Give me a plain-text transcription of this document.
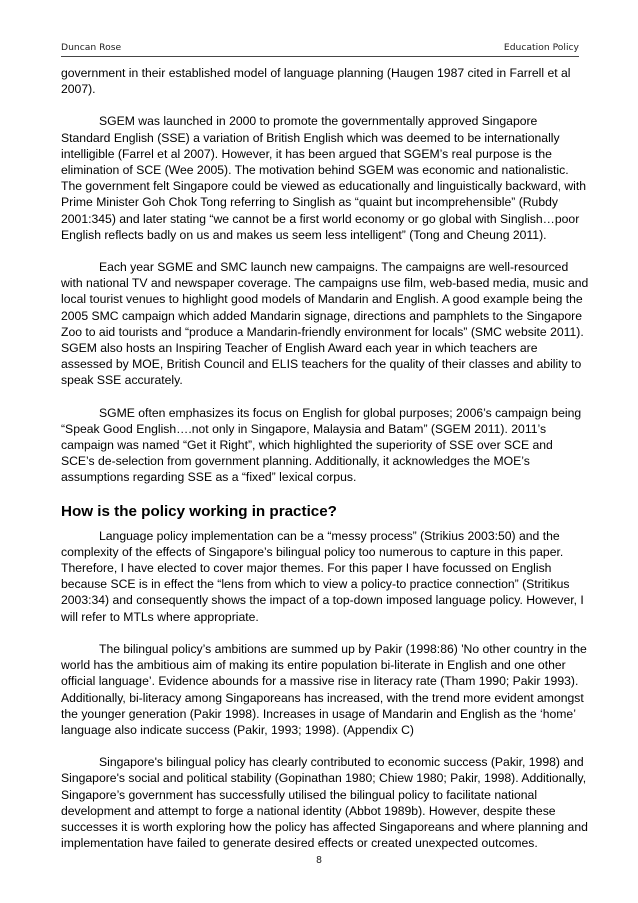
Duncan Rose	Education Policy

government in their established model of language planning (Haugen 1987 cited in Farrell et al 2007).

SGEM was launched in 2000 to promote the governmentally approved Singapore Standard English (SSE) a variation of British English which was deemed to be internationally intelligible (Farrel et al 2007). However, it has been argued that SGEM’s real purpose is the elimination of SCE (Wee 2005). The motivation behind SGEM was economic and nationalistic. The government felt Singapore could be viewed as educationally and linguistically backward, with Prime Minister Goh Chok Tong referring to Singlish as “quaint but incomprehensible” (Rubdy 2001:345) and later stating “we cannot be a first world economy or go global with Singlish…poor English reflects badly on us and makes us seem less intelligent” (Tong and Cheung 2011).

Each year SGME and SMC launch new campaigns. The campaigns are well-resourced with national TV and newspaper coverage. The campaigns use film, web-based media, music and local tourist venues to highlight good models of Mandarin and English. A good example being the 2005 SMC campaign which added Mandarin signage, directions and pamphlets to the Singapore Zoo to aid tourists and “produce a Mandarin-friendly environment for locals” (SMC website 2011). SGEM also hosts an Inspiring Teacher of English Award each year in which teachers are assessed by MOE, British Council and ELIS teachers for the quality of their classes and ability to speak SSE accurately.

SGME often emphasizes its focus on English for global purposes; 2006’s campaign being “Speak Good English….not only in Singapore, Malaysia and Batam” (SGEM 2011). 2011’s campaign was named “Get it Right”, which highlighted the superiority of SSE over SCE and SCE’s de-selection from government planning. Additionally, it acknowledges the MOE’s assumptions regarding SSE as a “fixed” lexical corpus.

How is the policy working in practice?

Language policy implementation can be a “messy process” (Strikius 2003:50) and the complexity of the effects of Singapore’s bilingual policy too numerous to capture in this paper. Therefore, I have elected to cover major themes. For this paper I have focussed on English because SCE is in effect the “lens from which to view a policy-to practice connection” (Stritikus 2003:34) and consequently shows the impact of a top-down imposed language policy. However, I will refer to MTLs where appropriate.

The bilingual policy’s ambitions are summed up by Pakir (1998:86) 'No other country in the world has the ambitious aim of making its entire population bi-literate in English and one other official language’. Evidence abounds for a massive rise in literacy rate (Tham 1990; Pakir 1993). Additionally, bi-literacy among Singaporeans has increased, with the trend more evident amongst the younger generation (Pakir 1998). Increases in usage of Mandarin and English as the ‘home’ language also indicate success (Pakir, 1993; 1998). (Appendix C)

Singapore's bilingual policy has clearly contributed to economic success (Pakir, 1998) and Singapore's social and political stability (Gopinathan 1980; Chiew 1980; Pakir, 1998). Additionally, Singapore’s government has successfully utilised the bilingual policy to facilitate national development and attempt to forge a national identity (Abbot 1989b). However, despite these successes it is worth exploring how the policy has affected Singaporeans and where planning and implementation have failed to generate desired effects or created unexpected outcomes.

8
